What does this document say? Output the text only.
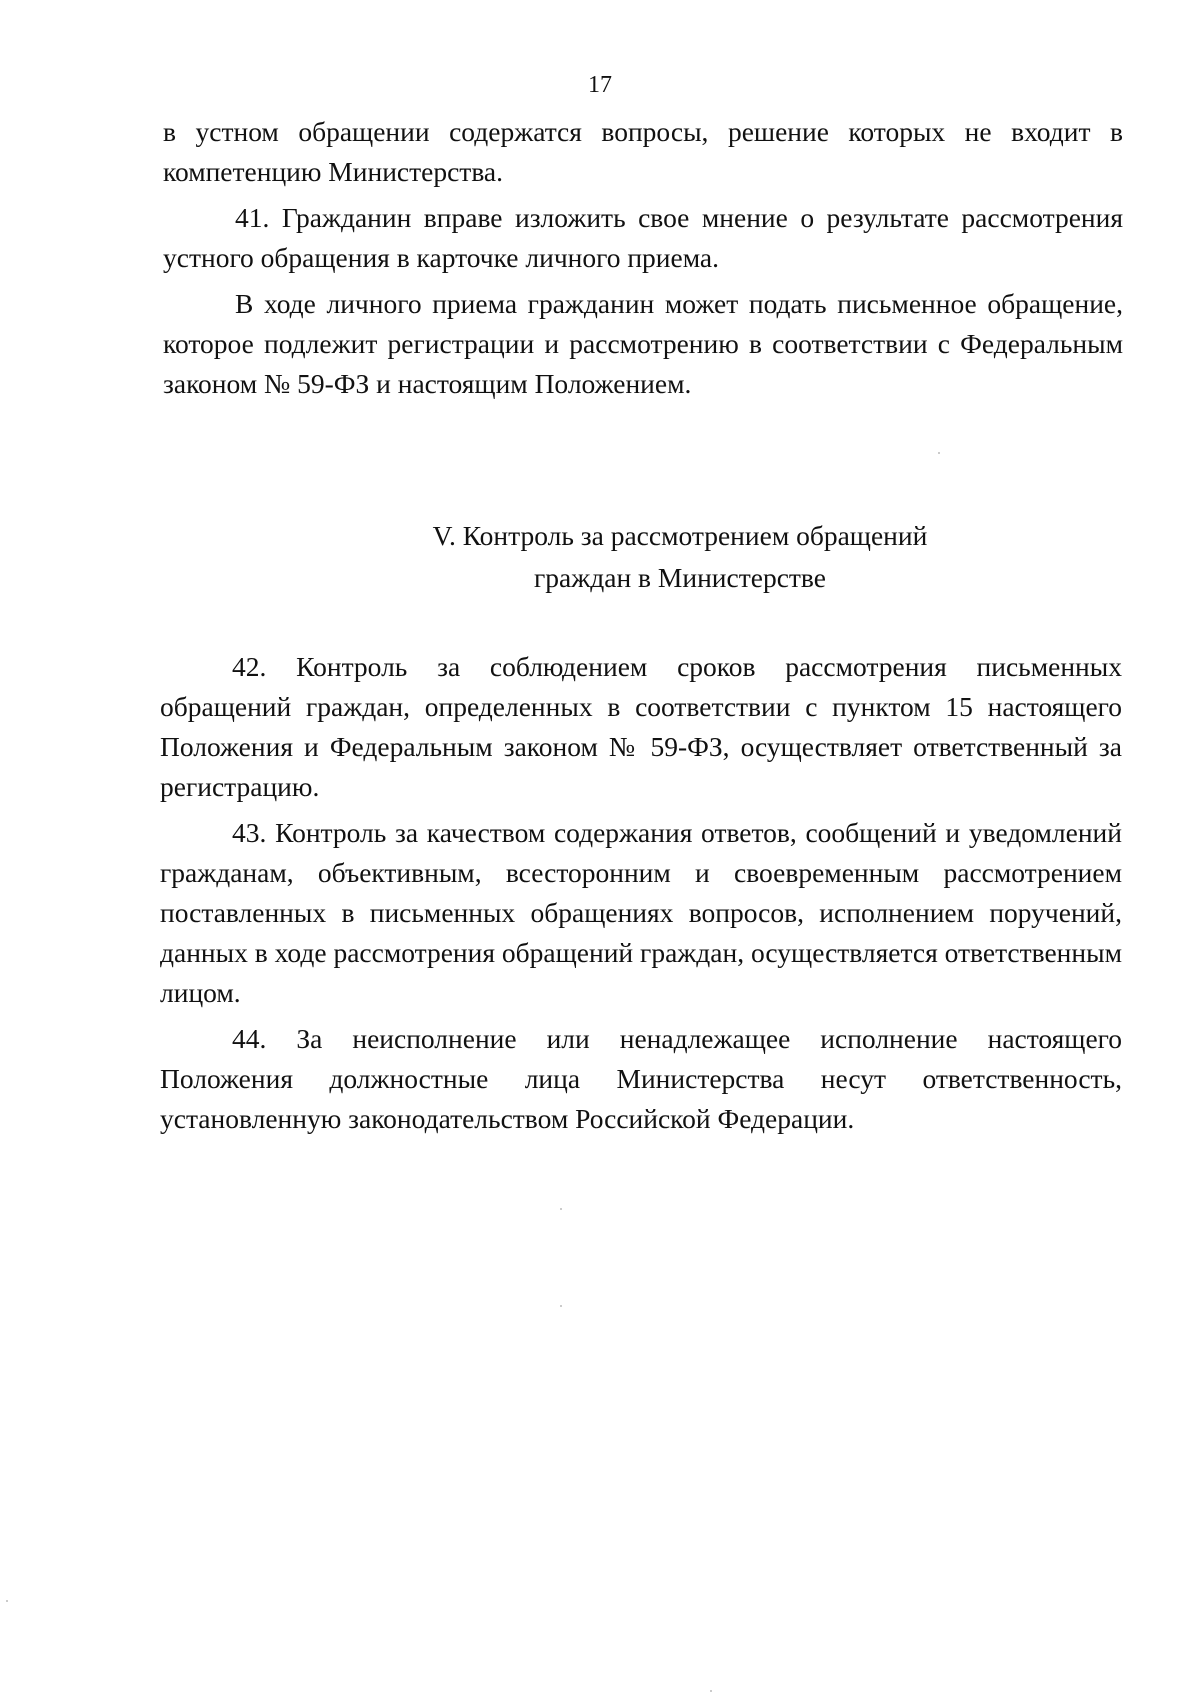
17

в устном обращении содержатся вопросы, решение которых не входит в компетенцию Министерства.

41. Гражданин вправе изложить свое мнение о результате рассмотрения устного обращения в карточке личного приема.

В ходе личного приема гражданин может подать письменное обращение, которое подлежит регистрации и рассмотрению в соответствии с Федеральным законом № 59-ФЗ и настоящим Положением.

V. Контроль за рассмотрением обращений
граждан в Министерстве

42. Контроль за соблюдением сроков рассмотрения письменных обращений граждан, определенных в соответствии с пунктом 15 настоящего Положения и Федеральным законом № 59-ФЗ, осуществляет ответственный за регистрацию.

43. Контроль за качеством содержания ответов, сообщений и уведомлений гражданам, объективным, всесторонним и своевременным рассмотрением поставленных в письменных обращениях вопросов, исполнением поручений, данных в ходе рассмотрения обращений граждан, осуществляется ответственным лицом.

44. За неисполнение или ненадлежащее исполнение настоящего Положения должностные лица Министерства несут ответственность, установленную законодательством Российской Федерации.
